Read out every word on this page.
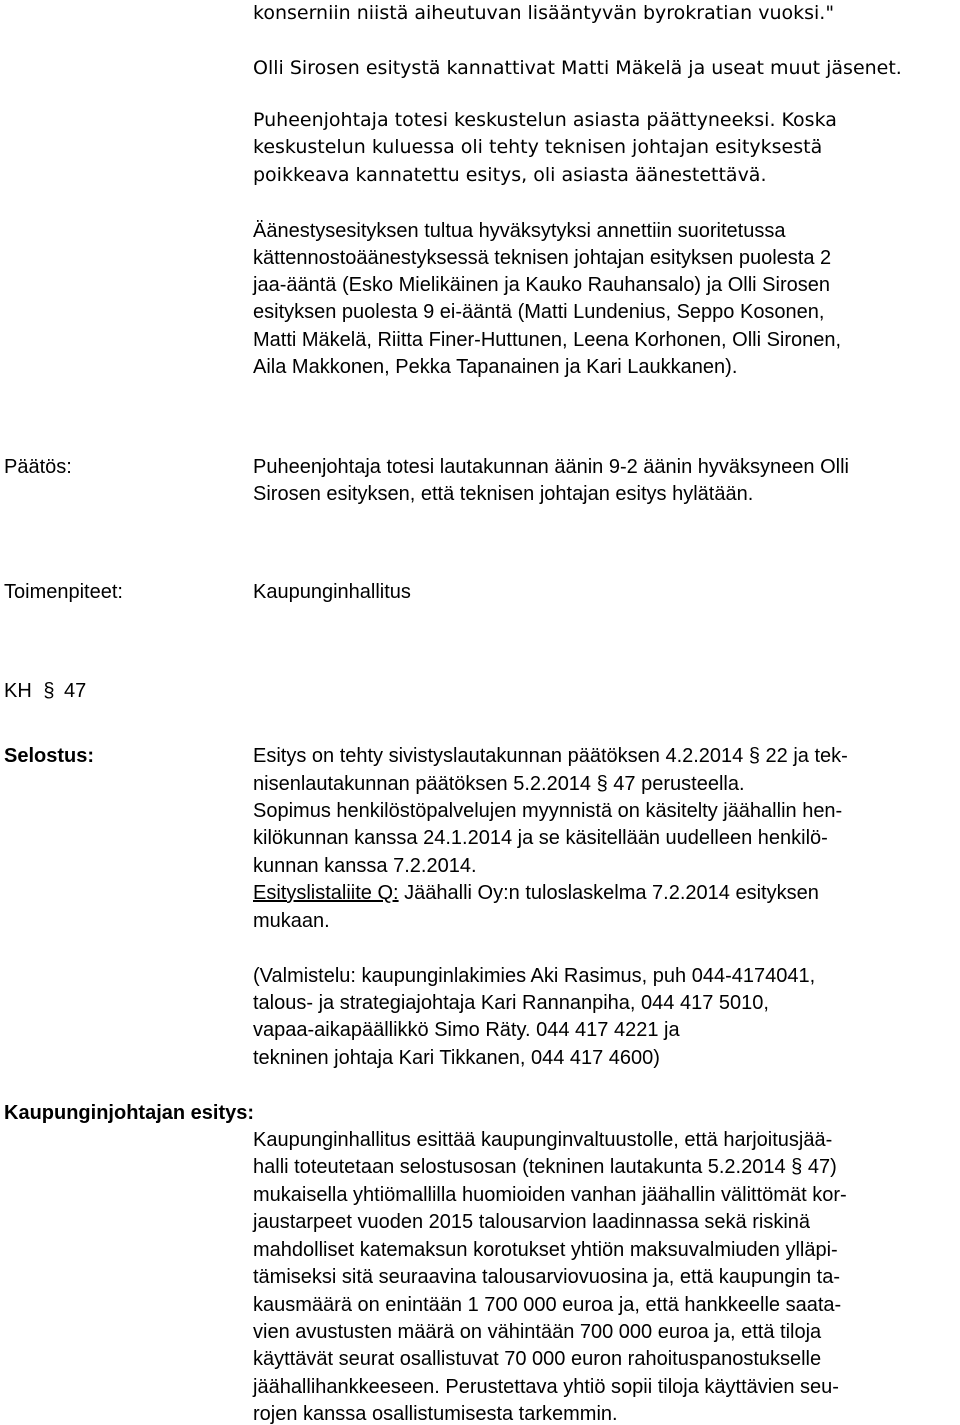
konserniin niistä aiheutuvan lisääntyvän byrokratian vuoksi."
Olli Sirosen esitystä kannattivat Matti Mäkelä ja useat muut jäsenet.
Puheenjohtaja totesi keskustelun asiasta päättyneeksi. Koska
keskustelun kuluessa oli tehty teknisen johtajan esityksestä
poikkeava kannatettu esitys, oli asiasta äänestettävä.
Äänestysesityksen tultua hyväksytyksi annettiin suoritetussa
kättennostoäänestyksessä teknisen johtajan esityksen puolesta 2
jaa-ääntä (Esko Mielikäinen ja Kauko Rauhansalo) ja Olli Sirosen
esityksen puolesta 9 ei-ääntä (Matti Lundenius, Seppo Kosonen,
Matti Mäkelä, Riitta Finer-Huttunen, Leena Korhonen, Olli Sironen,
Aila Makkonen, Pekka Tapanainen ja Kari Laukkanen).
Päätös:	Puheenjohtaja totesi lautakunnan äänin 9-2 äänin hyväksyneen Olli
Sirosen esityksen, että teknisen johtajan esitys hylätään.
Toimenpiteet:	Kaupunginhallitus
KH § 47
Selostus:	Esitys on tehty sivistyslautakunnan päätöksen 4.2.2014 § 22 ja tek-
nisenlautakunnan päätöksen 5.2.2014 § 47 perusteella.
Sopimus henkilöstöpalvelujen myynnistä on käsitelty jäähallin hen-
kilökunnan kanssa 24.1.2014 ja se käsitellään uudelleen henkilö-
kunnan kanssa 7.2.2014.
Esityslistaliite Q: Jäähalli Oy:n tuloslaskelma 7.2.2014 esityksen
mukaan.
(Valmistelu: kaupunginlakimies Aki Rasimus, puh 044-4174041,
talous- ja strategiajohtaja Kari Rannanpiha, 044 417 5010,
vapaa-aikapäällikkö Simo Räty. 044 417 4221 ja
tekninen johtaja Kari Tikkanen, 044 417 4600)
Kaupunginjohtajan esitys:
Kaupunginhallitus esittää kaupunginvaltuustolle, että harjoitusjää-
halli toteutetaan selostusosan (tekninen lautakunta 5.2.2014 § 47)
mukaisella yhtiömallilla huomioiden vanhan jäähallin välittömät kor-
jaustarpeet vuoden 2015 talousarvion laadinnassa sekä riskinä
mahdolliset katemaksun korotukset yhtiön maksuvalmiuden ylläpi-
tämiseksi sitä seuraavina talousarviovuosina ja, että kaupungin ta-
kausmäärä on enintään 1 700 000 euroa ja, että hankkeelle saata-
vien avustusten määrä on vähintään 700 000 euroa ja, että tiloja
käyttävät seurat osallistuvat 70 000 euron rahoituspanostukselle
jäähallihankkeeseen. Perustettava yhtiö sopii tiloja käyttävien seu-
rojen kanssa osallistumisesta tarkemmin.
